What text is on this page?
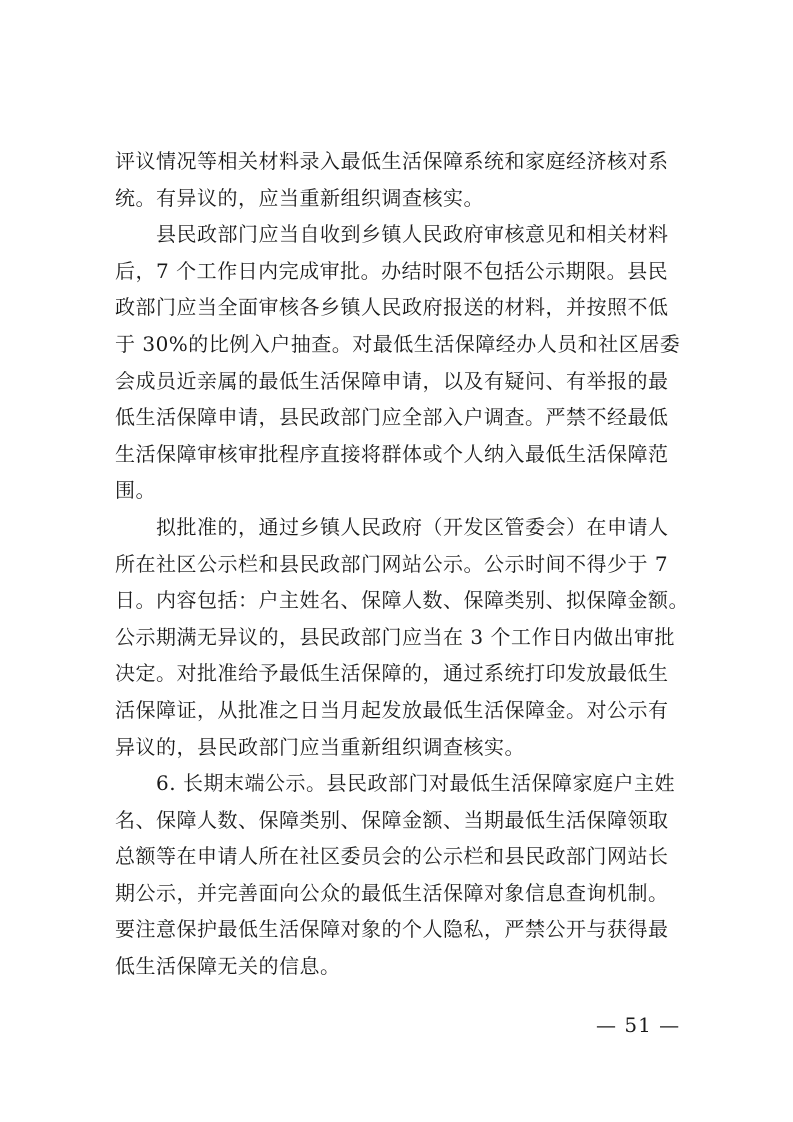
评议情况等相关材料录入最低生活保障系统和家庭经济核对系

统。有异议的，应当重新组织调查核实。

　　县民政部门应当自收到乡镇人民政府审核意见和相关材料

后，7 个工作日内完成审批。办结时限不包括公示期限。县民

政部门应当全面审核各乡镇人民政府报送的材料，并按照不低

于 30%的比例入户抽查。对最低生活保障经办人员和社区居委

会成员近亲属的最低生活保障申请，以及有疑问、有举报的最

低生活保障申请，县民政部门应全部入户调查。严禁不经最低

生活保障审核审批程序直接将群体或个人纳入最低生活保障范

围。

　　拟批准的，通过乡镇人民政府（开发区管委会）在申请人

所在社区公示栏和县民政部门网站公示。公示时间不得少于 7

日。内容包括：户主姓名、保障人数、保障类别、拟保障金额。

公示期满无异议的，县民政部门应当在 3 个工作日内做出审批

决定。对批准给予最低生活保障的，通过系统打印发放最低生

活保障证，从批准之日当月起发放最低生活保障金。对公示有

异议的，县民政部门应当重新组织调查核实。

　　6. 长期末端公示。县民政部门对最低生活保障家庭户主姓

名、保障人数、保障类别、保障金额、当期最低生活保障领取

总额等在申请人所在社区委员会的公示栏和县民政部门网站长

期公示，并完善面向公众的最低生活保障对象信息查询机制。

要注意保护最低生活保障对象的个人隐私，严禁公开与获得最

低生活保障无关的信息。

— 51 —
